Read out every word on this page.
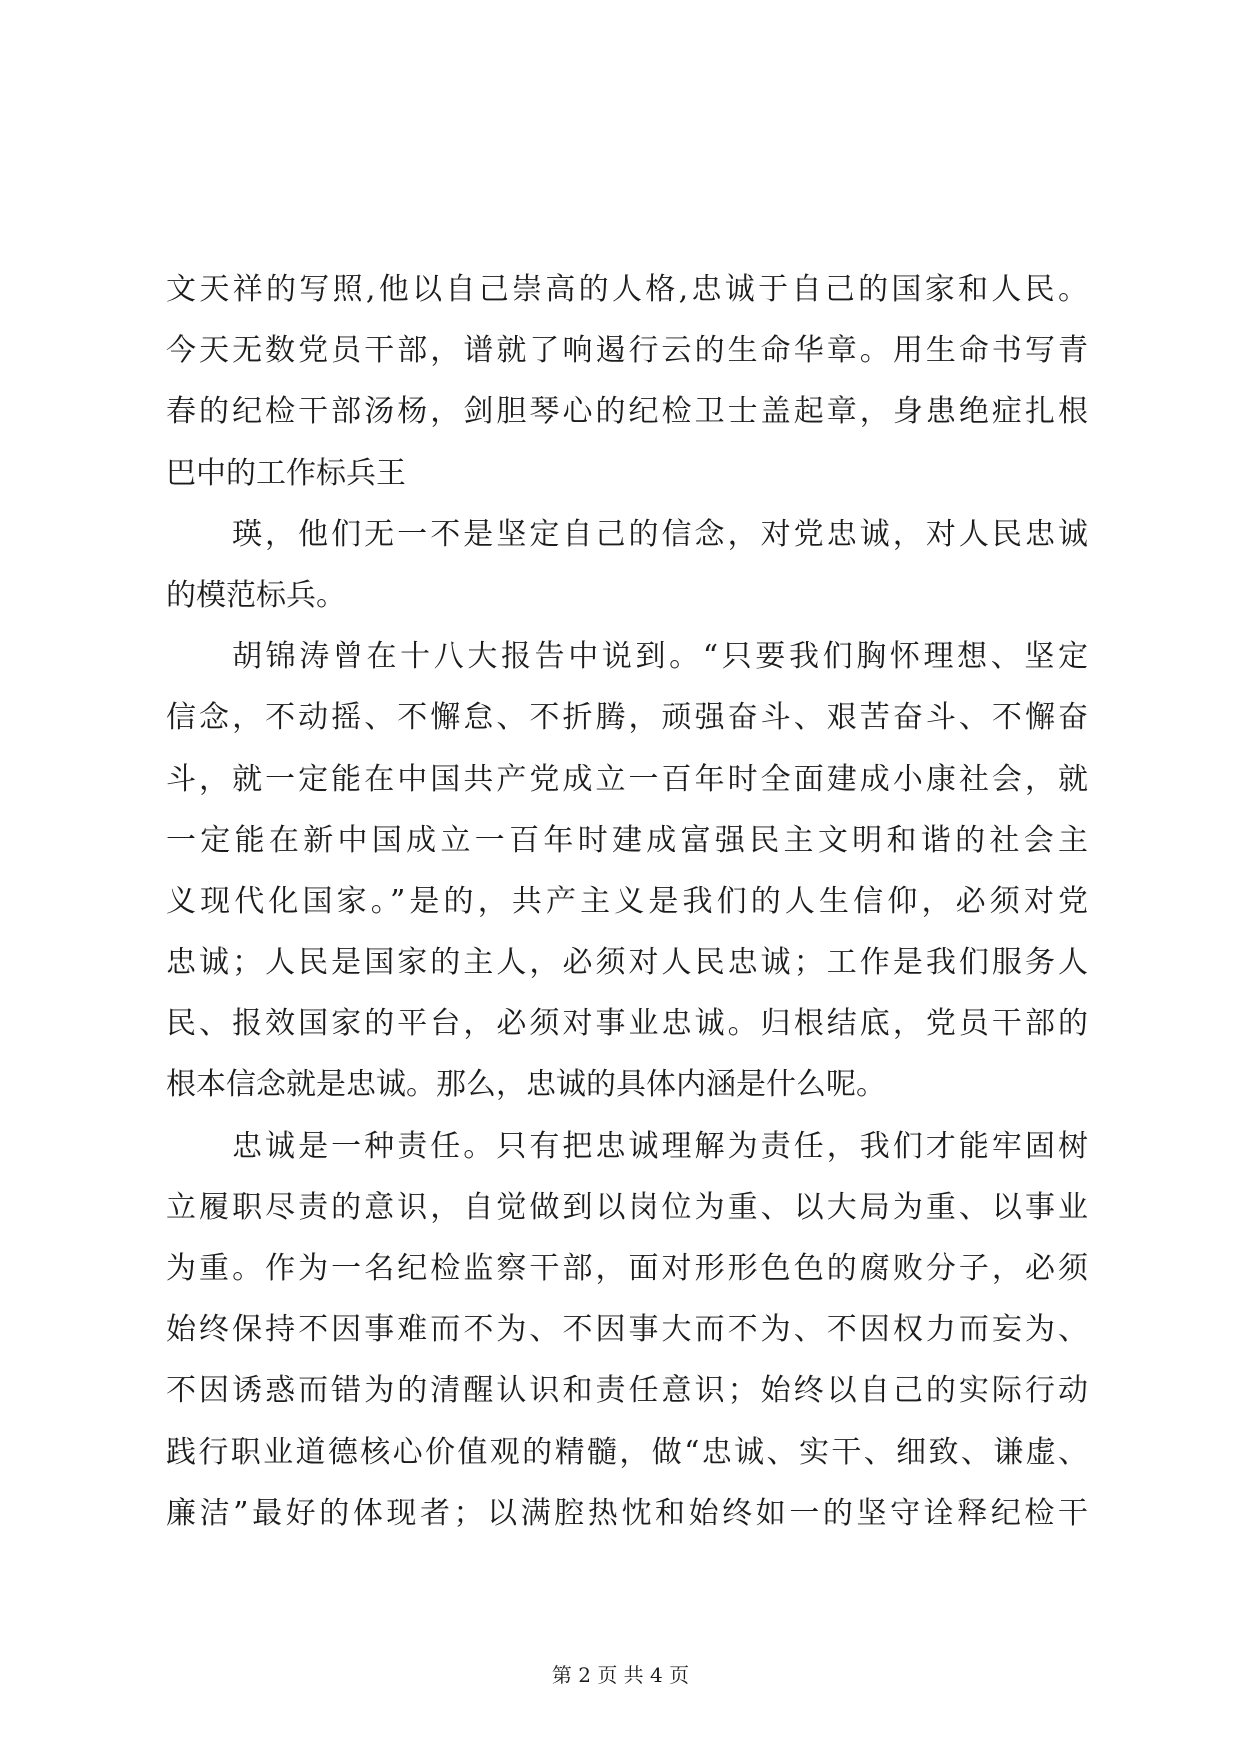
文天祥的写照,他以自己崇高的人格,忠诚于自己的国家和人民。
今天无数党员干部，谱就了响遏行云的生命华章。用生命书写青
春的纪检干部汤杨，剑胆琴心的纪检卫士盖起章，身患绝症扎根
巴中的工作标兵王
瑛，他们无一不是坚定自己的信念，对党忠诚，对人民忠诚
的模范标兵。
胡锦涛曾在十八大报告中说到。“只要我们胸怀理想、坚定
信念，不动摇、不懈怠、不折腾，顽强奋斗、艰苦奋斗、不懈奋
斗，就一定能在中国共产党成立一百年时全面建成小康社会，就
一定能在新中国成立一百年时建成富强民主文明和谐的社会主
义现代化国家。”是的，共产主义是我们的人生信仰，必须对党
忠诚；人民是国家的主人，必须对人民忠诚；工作是我们服务人
民、报效国家的平台，必须对事业忠诚。归根结底，党员干部的
根本信念就是忠诚。那么，忠诚的具体内涵是什么呢。
忠诚是一种责任。只有把忠诚理解为责任，我们才能牢固树
立履职尽责的意识，自觉做到以岗位为重、以大局为重、以事业
为重。作为一名纪检监察干部，面对形形色色的腐败分子，必须
始终保持不因事难而不为、不因事大而不为、不因权力而妄为、
不因诱惑而错为的清醒认识和责任意识；始终以自己的实际行动
践行职业道德核心价值观的精髓，做“忠诚、实干、细致、谦虚、
廉洁”最好的体现者；以满腔热忱和始终如一的坚守诠释纪检干
第 2 页 共 4 页
